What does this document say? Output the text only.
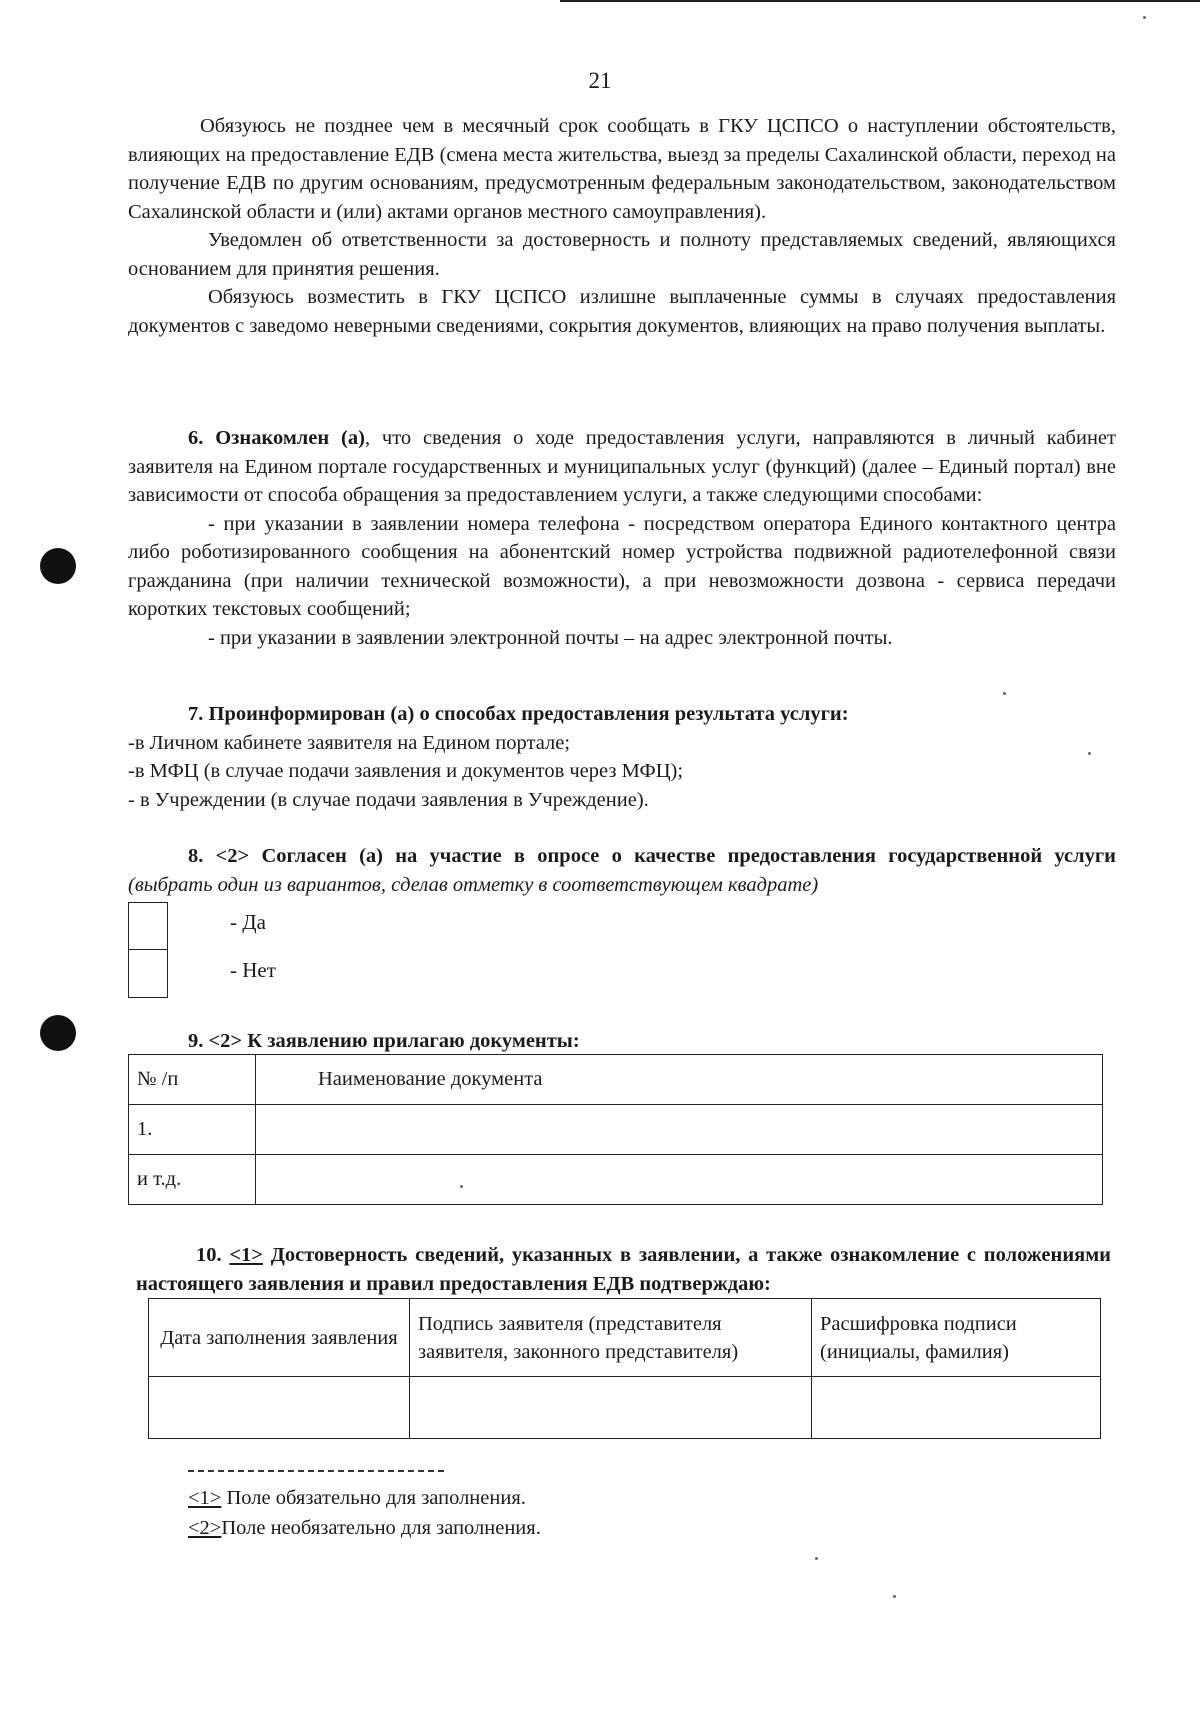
21

Обязуюсь не позднее чем в месячный срок сообщать в ГКУ ЦСПСО о наступлении обстоятельств, влияющих на предоставление ЕДВ (смена места жительства, выезд за пределы Сахалинской области, переход на получение ЕДВ по другим основаниям, предусмотренным федеральным законодательством, законодательством Сахалинской области и (или) актами органов местного самоуправления).

Уведомлен об ответственности за достоверность и полноту представляемых сведений, являющихся основанием для принятия решения.

Обязуюсь возместить в ГКУ ЦСПСО излишне выплаченные суммы в случаях предоставления документов с заведомо неверными сведениями, сокрытия документов, влияющих на право получения выплаты.

6. Ознакомлен (а), что сведения о ходе предоставления услуги, направляются в личный кабинет заявителя на Едином портале государственных и муниципальных услуг (функций) (далее – Единый портал) вне зависимости от способа обращения за предоставлением услуги, а также следующими способами:

- при указании в заявлении номера телефона - посредством оператора Единого контактного центра либо роботизированного сообщения на абонентский номер устройства подвижной радиотелефонной связи гражданина (при наличии технической возможности), а при невозможности дозвона - сервиса передачи коротких текстовых сообщений;

- при указании в заявлении электронной почты – на адрес электронной почты.

7. Проинформирован (а) о способах предоставления результата услуги:

-в Личном кабинете заявителя на Едином портале;

-в МФЦ (в случае подачи заявления и документов через МФЦ);

- в Учреждении (в случае подачи заявления в Учреждение).

8. <2> Согласен (а) на участие в опросе о качестве предоставления государственной услуги (выбрать один из вариантов, сделав отметку в соответствующем квадрате)

- Да
- Нет

9. <2> К заявлению прилагаю документы:

№ /п	Наименование документа
1.	
и т.д.	

10. <1> Достоверность сведений, указанных в заявлении, а также ознакомление с положениями настоящего заявления и правил предоставления ЕДВ подтверждаю:

Дата заполнения заявления	Подпись заявителя (представителя заявителя, законного представителя)	Расшифровка подписи (инициалы, фамилия)

<1> Поле обязательно для заполнения.
<2>Поле необязательно для заполнения.
